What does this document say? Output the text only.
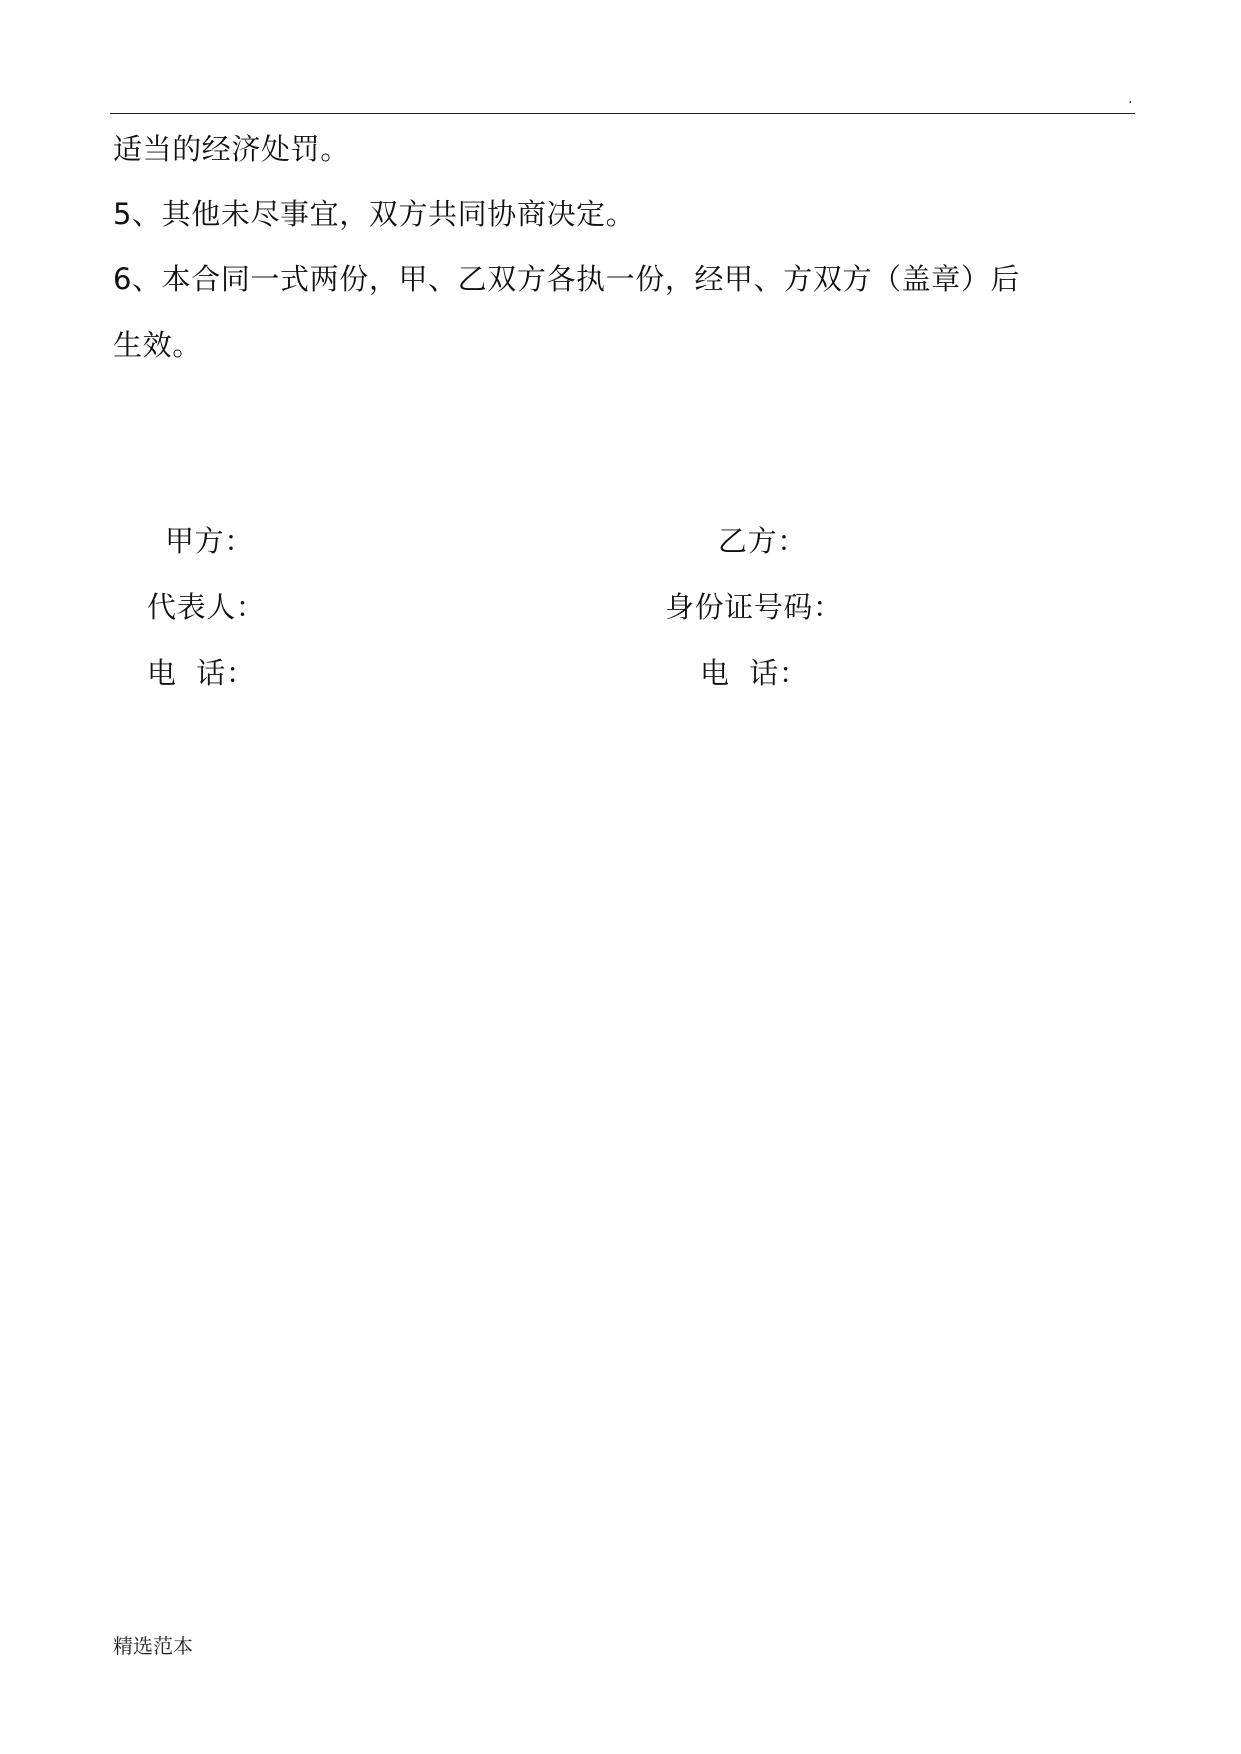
.
适当的经济处罚。
5、其他未尽事宜，双方共同协商决定。
6、本合同一式两份，甲、乙双方各执一份，经甲、方双方（盖章）后
生效。
甲方：
代表人：
电  话：
乙方：
身份证号码：
电  话：
精选范本
